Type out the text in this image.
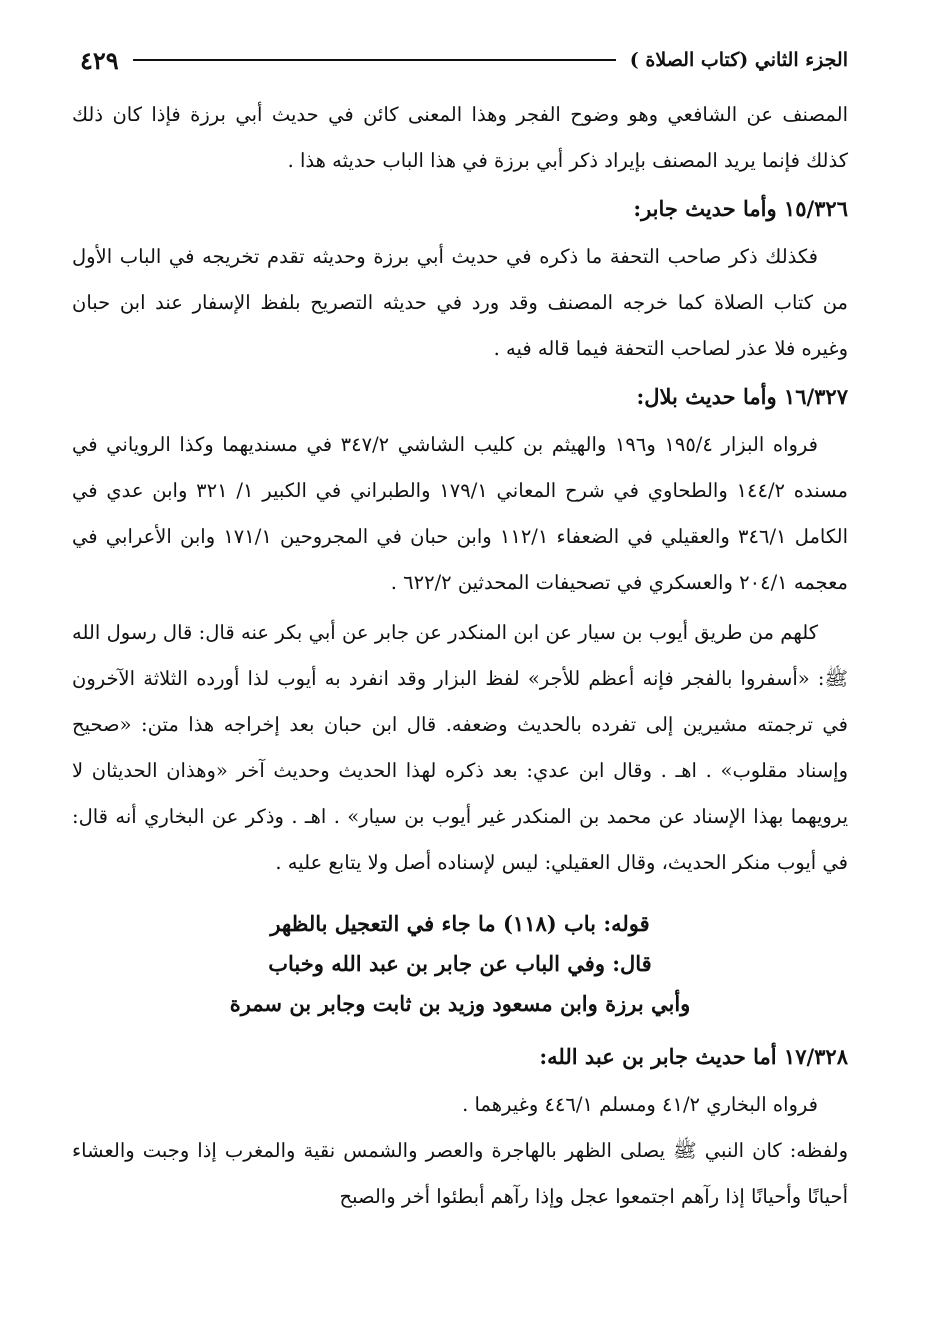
الجزء الثاني (كتاب الصلاة )
٤٢٩

المصنف عن الشافعي وهو وضوح الفجر وهذا المعنى كائن في حديث أبي برزة فإذا كان ذلك كذلك فإنما يريد المصنف بإيراد ذكر أبي برزة في هذا الباب حديثه هذا .

١٥/٣٢٦ وأما حديث جابر:

فكذلك ذكر صاحب التحفة ما ذكره في حديث أبي برزة وحديثه تقدم تخريجه في الباب الأول من كتاب الصلاة كما خرجه المصنف وقد ورد في حديثه التصريح بلفظ الإسفار عند ابن حبان وغيره فلا عذر لصاحب التحفة فيما قاله فيه .

١٦/٣٢٧ وأما حديث بلال:

فرواه البزار ١٩٥/٤ و١٩٦ والهيثم بن كليب الشاشي ٣٤٧/٢ في مسنديهما وكذا الروياني في مسنده ١٤٤/٢ والطحاوي في شرح المعاني ١٧٩/١ والطبراني في الكبير ١/ ٣٢١ وابن عدي في الكامل ٣٤٦/١ والعقيلي في الضعفاء ١١٢/١ وابن حبان في المجروحين ١٧١/١ وابن الأعرابي في معجمه ٢٠٤/١ والعسكري في تصحيفات المحدثين ٦٢٢/٢ .

كلهم من طريق أيوب بن سيار عن ابن المنكدر عن جابر عن أبي بكر عنه قال: قال رسول الله ﷺ: «أسفروا بالفجر فإنه أعظم للأجر» لفظ البزار وقد انفرد به أيوب لذا أورده الثلاثة الآخرون في ترجمته مشيرين إلى تفرده بالحديث وضعفه. قال ابن حبان بعد إخراجه هذا متن: «صحيح وإسناد مقلوب» . اهـ . وقال ابن عدي: بعد ذكره لهذا الحديث وحديث آخر «وهذان الحديثان لا يرويهما بهذا الإسناد عن محمد بن المنكدر غير أيوب بن سيار» . اهـ . وذكر عن البخاري أنه قال: في أيوب منكر الحديث، وقال العقيلي: ليس لإسناده أصل ولا يتابع عليه .

قوله: باب (١١٨) ما جاء في التعجيل بالظهر

قال: وفي الباب عن جابر بن عبد الله وخباب

وأبي برزة وابن مسعود وزيد بن ثابت وجابر بن سمرة

١٧/٣٢٨ أما حديث جابر بن عبد الله:

فرواه البخاري ٤١/٢ ومسلم ٤٤٦/١ وغيرهما .

ولفظه: كان النبي ﷺ يصلى الظهر بالهاجرة والعصر والشمس نقية والمغرب إذا وجبت والعشاء أحيانًا وأحيانًا إذا رآهم اجتمعوا عجل وإذا رآهم أبطئوا أخر والصبح
